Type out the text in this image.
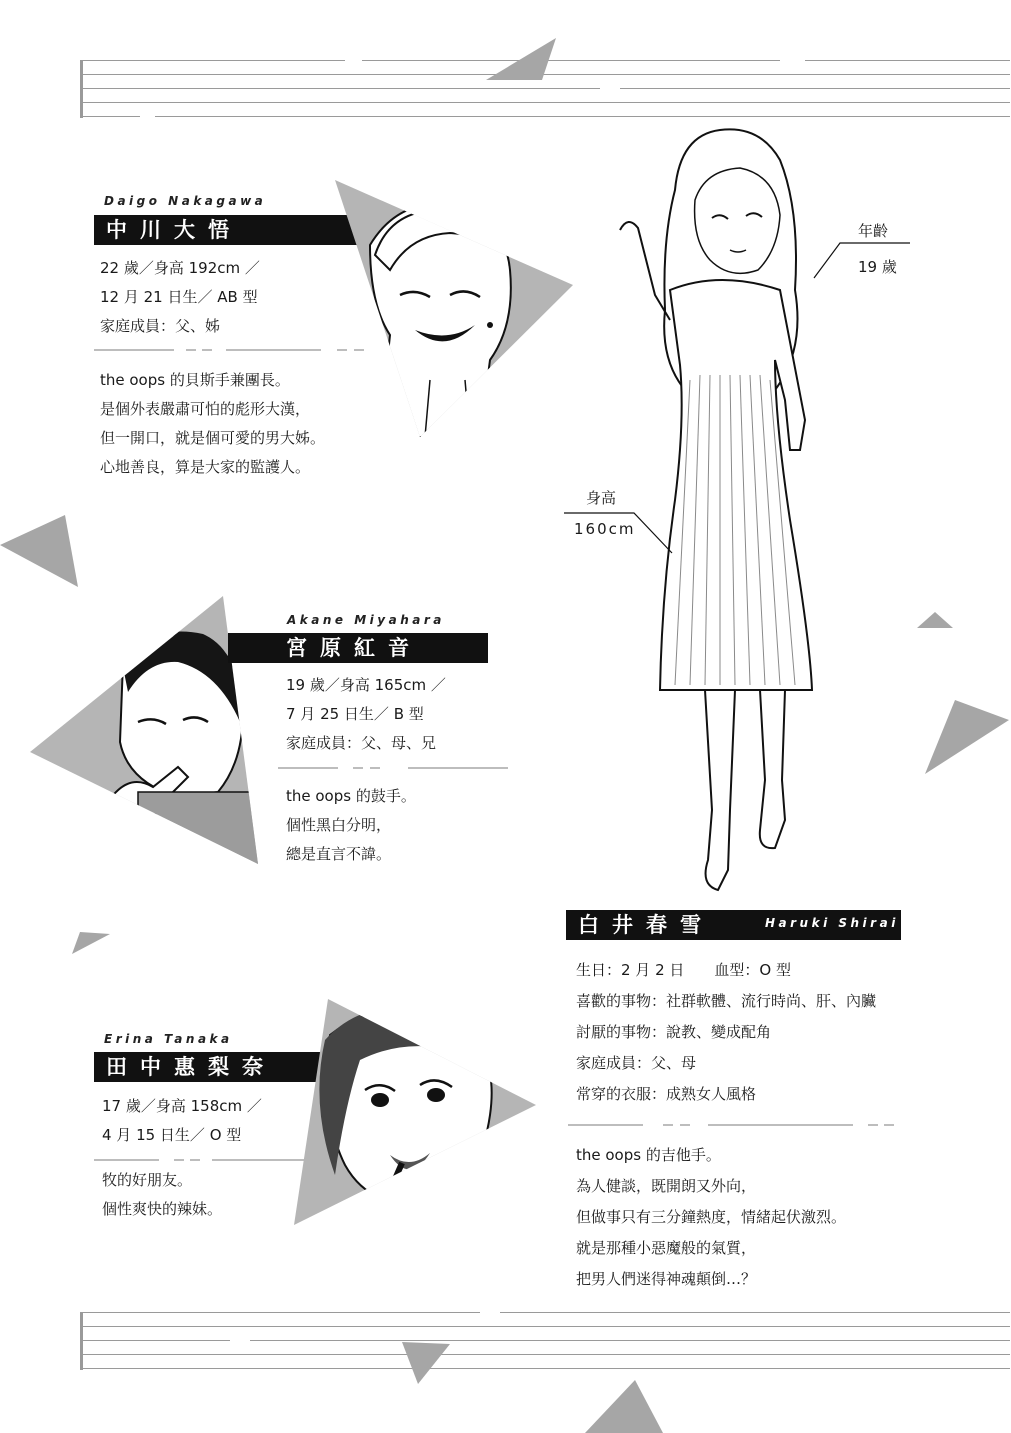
Daigo Nakagawa
中川大悟

22 歲／身高 192cm ／

12 月 21 日生／ AB 型

家庭成員：父、姊

the oops 的貝斯手兼團長。

是個外表嚴肅可怕的彪形大漢，

但一開口，就是個可愛的男大姊。

心地善良，算是大家的監護人。

Akane Miyahara
宮原紅音

19 歲／身高 165cm ／

7 月 25 日生／ B 型

家庭成員：父、母、兄

the oops 的鼓手。

個性黑白分明，

總是直言不諱。

Erina Tanaka
田中惠梨奈

17 歲／身高 158cm ／

4 月 15 日生／ O 型

牧的好朋友。

個性爽快的辣妹。

年齡
19 歲
身高
160cm
白井春雪	Haruki Shirai

生日：2 月 2 日　　血型：O 型

喜歡的事物：社群軟體、流行時尚、肝、內臟

討厭的事物：說教、變成配角

家庭成員：父、母

常穿的衣服：成熟女人風格

the oops 的吉他手。

為人健談，既開朗又外向，

但做事只有三分鐘熱度，情緒起伏激烈。

就是那種小惡魔般的氣質，

把男人們迷得神魂顛倒…？
